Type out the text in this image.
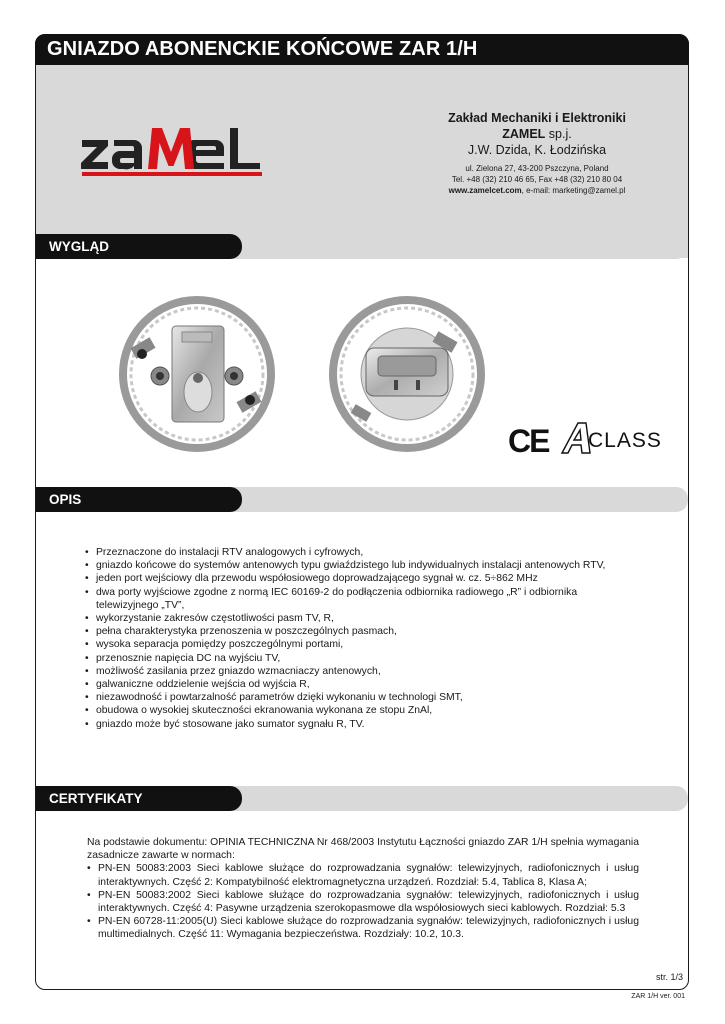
GNIAZDO ABONENCKIE KOŃCOWE ZAR 1/H
Zakład Mechaniki i Elektroniki
ZAMEL sp.j.
J.W. Dzida, K. Łodzińska
ul. Zielona 27, 43-200 Pszczyna, Poland
Tel. +48 (32) 210 46 65, Fax +48 (32) 210 80 04
www.zamelcet.com, e-mail: marketing@zamel.pl
WYGLĄD
CE CLASS
OPIS
• Przeznaczone do instalacji RTV analogowych i cyfrowych,
• gniazdo końcowe do systemów antenowych typu gwiaździstego lub indywidualnych instalacji antenowych RTV,
• jeden port wejściowy dla przewodu współosiowego doprowadzającego sygnał w. cz. 5÷862 MHz
• dwa porty wyjściowe zgodne z normą IEC 60169-2 do podłączenia odbiornika radiowego „R” i odbiornika telewizyjnego „TV”,
• wykorzystanie zakresów częstotliwości pasm TV, R,
• pełna charakterystyka przenoszenia w poszczególnych pasmach,
• wysoka separacja pomiędzy poszczególnymi portami,
• przenosznie napięcia DC na wyjściu TV,
• możliwość zasilania przez gniazdo wzmacniaczy antenowych,
• galwaniczne oddzielenie wejścia od wyjścia R,
• niezawodność i powtarzalność parametrów dzięki wykonaniu w technologi SMT,
• obudowa o wysokiej skuteczności ekranowania wykonana ze stopu ZnAl,
• gniazdo może być stosowane jako sumator sygnału R, TV.
CERTYFIKATY
Na podstawie dokumentu: OPINIA TECHNICZNA Nr 468/2003 Instytutu Łączności gniazdo ZAR 1/H spełnia wymagania zasadnicze zawarte w normach:
• PN-EN 50083:2003 Sieci kablowe służące do rozprowadzania sygnałów: telewizyjnych, radiofonicznych i usług interaktywnych. Część 2: Kompatybilność elektromagnetyczna urządzeń. Rozdział: 5.4, Tablica 8, Klasa A;
• PN-EN 50083:2002 Sieci kablowe służące do rozprowadzania sygnałów: telewizyjnych, radiofonicznych i usług interaktywnych. Część 4: Pasywne urządzenia szerokopasmowe dla współosiowych sieci kablowych. Rozdział: 5.3
• PN-EN 60728-11:2005(U) Sieci kablowe służące do rozprowadzania sygnałów: telewizyjnych, radiofonicznych i usług multimedialnych. Część 11: Wymagania bezpieczeństwa. Rozdziały: 10.2, 10.3.
str. 1/3
ZAR 1/H ver. 001
